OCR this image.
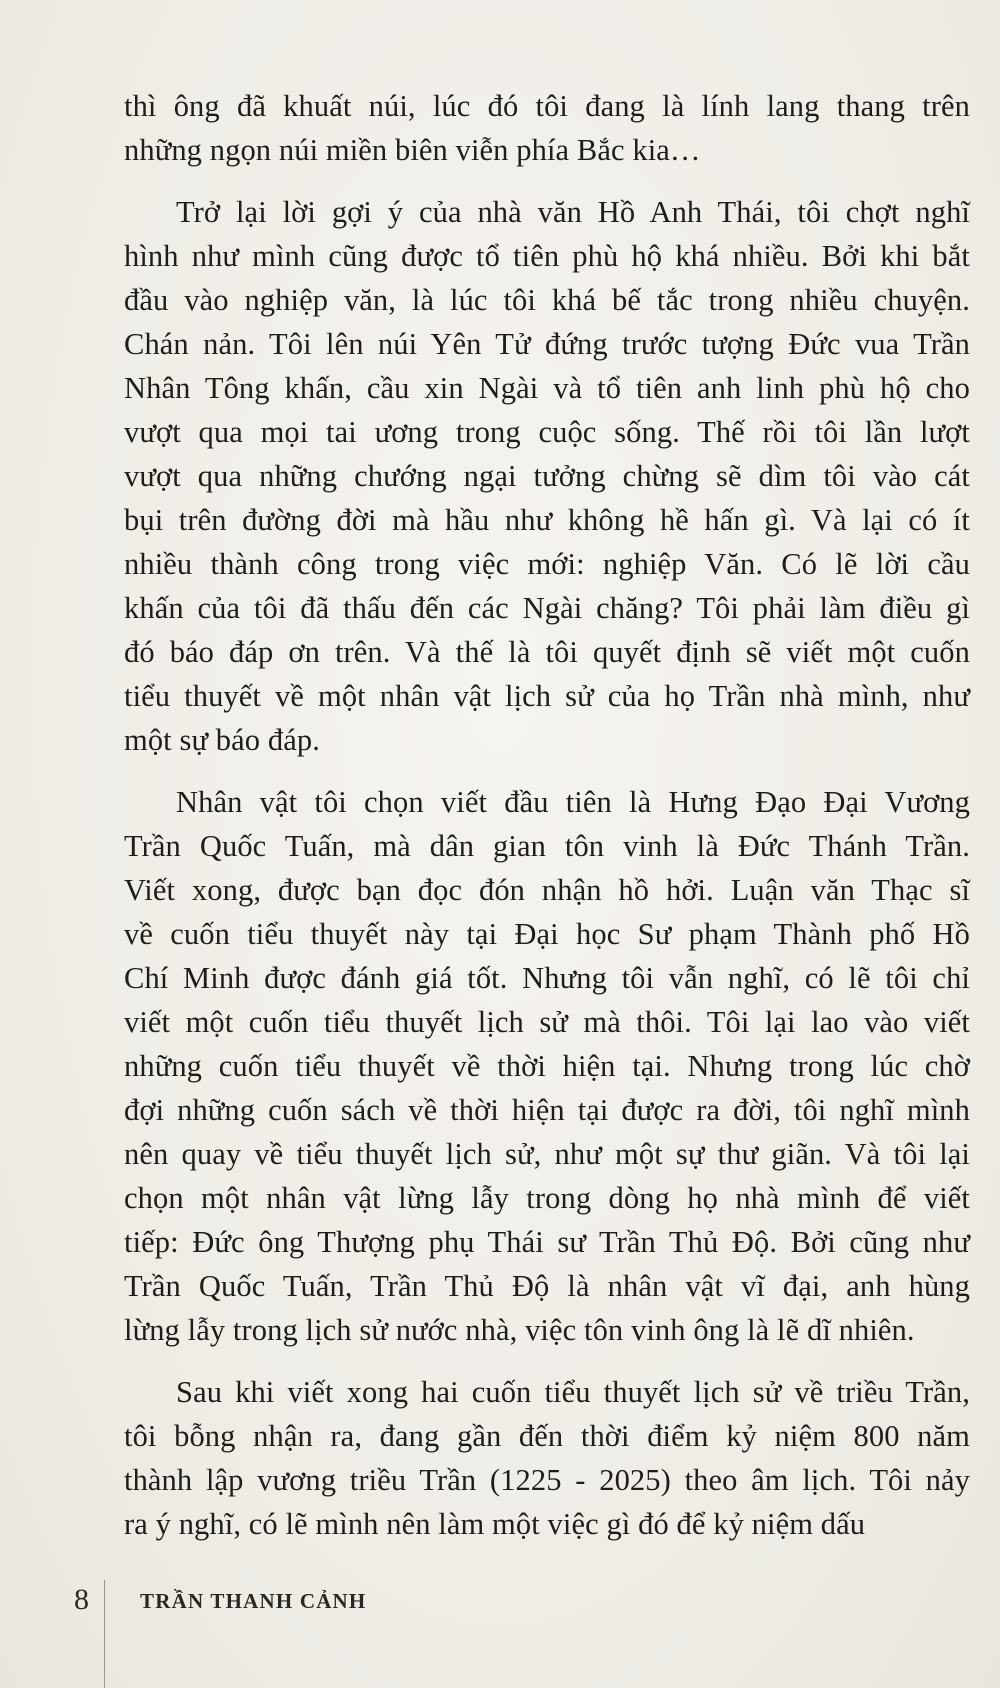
thì ông đã khuất núi, lúc đó tôi đang là lính lang thang trên
những ngọn núi miền biên viễn phía Bắc kia…

Trở lại lời gợi ý của nhà văn Hồ Anh Thái, tôi chợt nghĩ
hình như mình cũng được tổ tiên phù hộ khá nhiều. Bởi khi bắt
đầu vào nghiệp văn, là lúc tôi khá bế tắc trong nhiều chuyện.
Chán nản. Tôi lên núi Yên Tử đứng trước tượng Đức vua Trần
Nhân Tông khấn, cầu xin Ngài và tổ tiên anh linh phù hộ cho
vượt qua mọi tai ương trong cuộc sống. Thế rồi tôi lần lượt
vượt qua những chướng ngại tưởng chừng sẽ dìm tôi vào cát
bụi trên đường đời mà hầu như không hề hấn gì. Và lại có ít
nhiều thành công trong việc mới: nghiệp Văn. Có lẽ lời cầu
khấn của tôi đã thấu đến các Ngài chăng? Tôi phải làm điều gì
đó báo đáp ơn trên. Và thế là tôi quyết định sẽ viết một cuốn
tiểu thuyết về một nhân vật lịch sử của họ Trần nhà mình, như
một sự báo đáp.

Nhân vật tôi chọn viết đầu tiên là Hưng Đạo Đại Vương
Trần Quốc Tuấn, mà dân gian tôn vinh là Đức Thánh Trần.
Viết xong, được bạn đọc đón nhận hồ hởi. Luận văn Thạc sĩ
về cuốn tiểu thuyết này tại Đại học Sư phạm Thành phố Hồ
Chí Minh được đánh giá tốt. Nhưng tôi vẫn nghĩ, có lẽ tôi chỉ
viết một cuốn tiểu thuyết lịch sử mà thôi. Tôi lại lao vào viết
những cuốn tiểu thuyết về thời hiện tại. Nhưng trong lúc chờ
đợi những cuốn sách về thời hiện tại được ra đời, tôi nghĩ mình
nên quay về tiểu thuyết lịch sử, như một sự thư giãn. Và tôi lại
chọn một nhân vật lừng lẫy trong dòng họ nhà mình để viết
tiếp: Đức ông Thượng phụ Thái sư Trần Thủ Độ. Bởi cũng như
Trần Quốc Tuấn, Trần Thủ Độ là nhân vật vĩ đại, anh hùng
lừng lẫy trong lịch sử nước nhà, việc tôn vinh ông là lẽ dĩ nhiên.

Sau khi viết xong hai cuốn tiểu thuyết lịch sử về triều Trần,
tôi bỗng nhận ra, đang gần đến thời điểm kỷ niệm 800 năm
thành lập vương triều Trần (1225 - 2025) theo âm lịch. Tôi nảy
ra ý nghĩ, có lẽ mình nên làm một việc gì đó để kỷ niệm dấu

8 TRẦN THANH CẢNH
